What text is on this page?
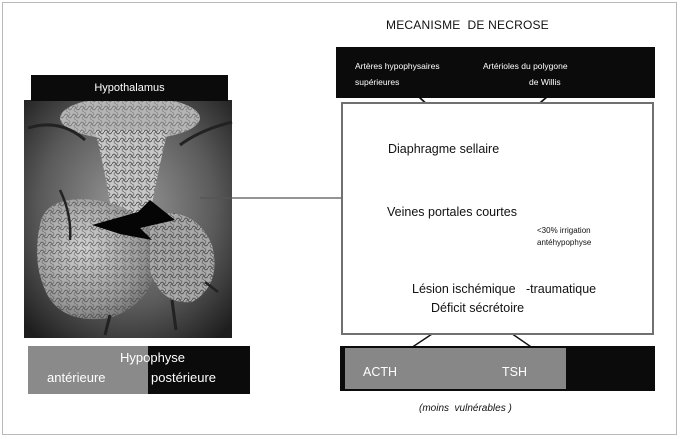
MECANISME  DE NECROSE
Hypothalamus
Artères hypophysaires
supérieures
Artérioles du polygone
de Willis
Diaphragme sellaire
Veines portales courtes
<30% irrigation
antéhypophyse
Lésion ischémique   -traumatique
Déficit sécrétoire
Hypophyse
antérieure	postérieure	ACTH	TSH
(moins  vulnérables )
